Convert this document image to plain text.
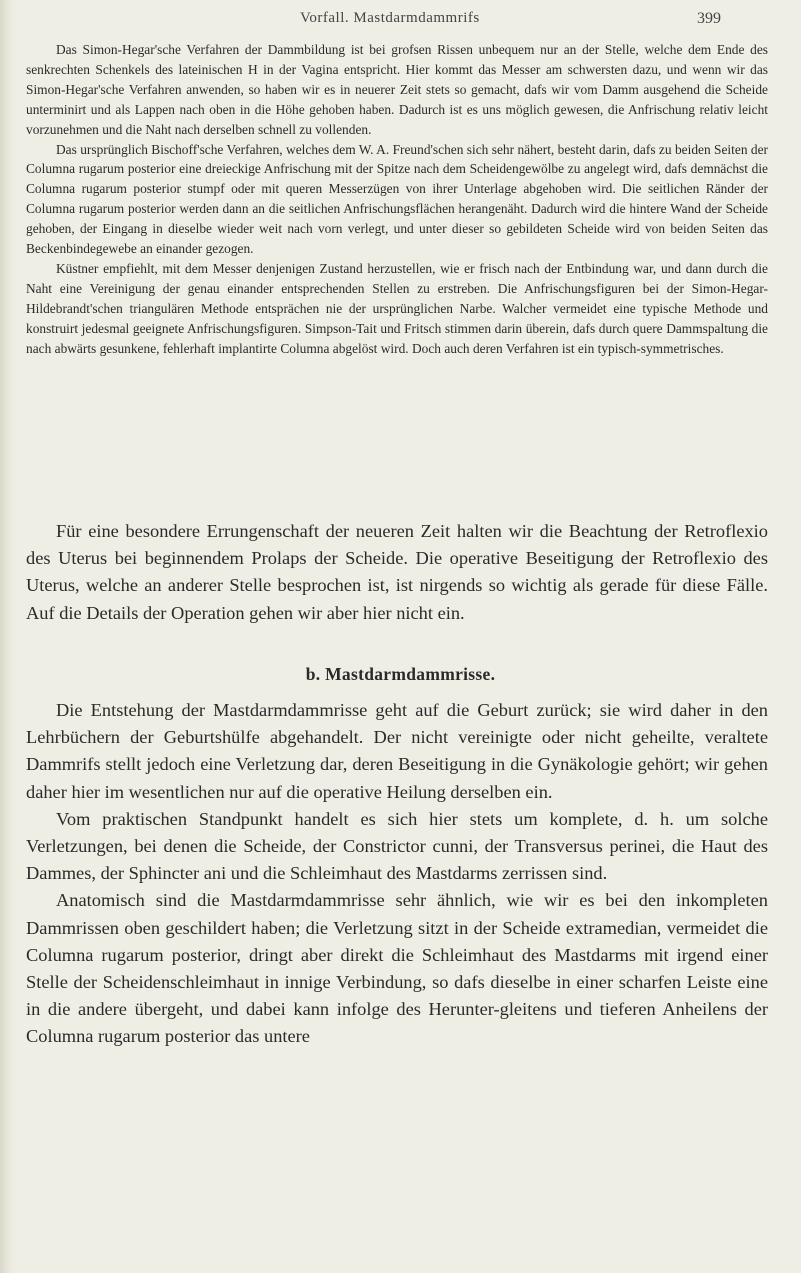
Vorfall. Mastdarmdammrifs	399

Das Simon-Hegar'sche Verfahren der Dammbildung ist bei grofsen Rissen unbequem nur an der Stelle, welche dem Ende des senkrechten Schenkels des lateinischen H in der Vagina entspricht. Hier kommt das Messer am schwersten dazu, und wenn wir das Simon-Hegar'sche Verfahren anwenden, so haben wir es in neuerer Zeit stets so gemacht, dafs wir vom Damm ausgehend die Scheide unterminirt und als Lappen nach oben in die Höhe gehoben haben. Dadurch ist es uns möglich gewesen, die Anfrischung relativ leicht vorzunehmen und die Naht nach derselben schnell zu vollenden.

Das ursprünglich Bischoff'sche Verfahren, welches dem W. A. Freund'schen sich sehr nähert, besteht darin, dafs zu beiden Seiten der Columna rugarum posterior eine dreieckige Anfrischung mit der Spitze nach dem Scheidengewölbe zu angelegt wird, dafs demnächst die Columna rugarum posterior stumpf oder mit queren Messerzügen von ihrer Unterlage abgehoben wird. Die seitlichen Ränder der Columna rugarum posterior werden dann an die seitlichen Anfrischungsflächen herangenäht. Dadurch wird die hintere Wand der Scheide gehoben, der Eingang in dieselbe wieder weit nach vorn verlegt, und unter dieser so gebildeten Scheide wird von beiden Seiten das Beckenbindegewebe an einander gezogen.

Küstner empfiehlt, mit dem Messer denjenigen Zustand herzustellen, wie er frisch nach der Entbindung war, und dann durch die Naht eine Vereinigung der genau einander entsprechenden Stellen zu erstreben. Die Anfrischungsfiguren bei der Simon-Hegar-Hildebrandt'schen triangulären Methode entsprächen nie der ursprünglichen Narbe. Walcher vermeidet eine typische Methode und konstruirt jedesmal geeignete Anfrischungsfiguren. Simpson-Tait und Fritsch stimmen darin überein, dafs durch quere Dammspaltung die nach abwärts gesunkene, fehlerhaft implantirte Columna abgelöst wird. Doch auch deren Verfahren ist ein typisch-symmetrisches.

Für eine besondere Errungenschaft der neueren Zeit halten wir die Beachtung der Retroflexio des Uterus bei beginnendem Prolaps der Scheide. Die operative Beseitigung der Retroflexio des Uterus, welche an anderer Stelle besprochen ist, ist nirgends so wichtig als gerade für diese Fälle. Auf die Details der Operation gehen wir aber hier nicht ein.

b. Mastdarmdammrisse.

Die Entstehung der Mastdarmdammrisse geht auf die Geburt zurück; sie wird daher in den Lehrbüchern der Geburtshülfe abgehandelt. Der nicht vereinigte oder nicht geheilte, veraltete Dammrifs stellt jedoch eine Verletzung dar, deren Beseitigung in die Gynäkologie gehört; wir gehen daher hier im wesentlichen nur auf die operative Heilung derselben ein.

Vom praktischen Standpunkt handelt es sich hier stets um komplete, d. h. um solche Verletzungen, bei denen die Scheide, der Constrictor cunni, der Transversus perinei, die Haut des Dammes, der Sphincter ani und die Schleimhaut des Mastdarms zerrissen sind.

Anatomisch sind die Mastdarmdammrisse sehr ähnlich, wie wir es bei den inkompleten Dammrissen oben geschildert haben; die Verletzung sitzt in der Scheide extramedian, vermeidet die Columna rugarum posterior, dringt aber direkt die Schleimhaut des Mastdarms mit irgend einer Stelle der Scheidenschleimhaut in innige Verbindung, so dafs dieselbe in einer scharfen Leiste eine in die andere übergeht, und dabei kann infolge des Herunter-gleitens und tieferen Anheilens der Columna rugarum posterior das untere
